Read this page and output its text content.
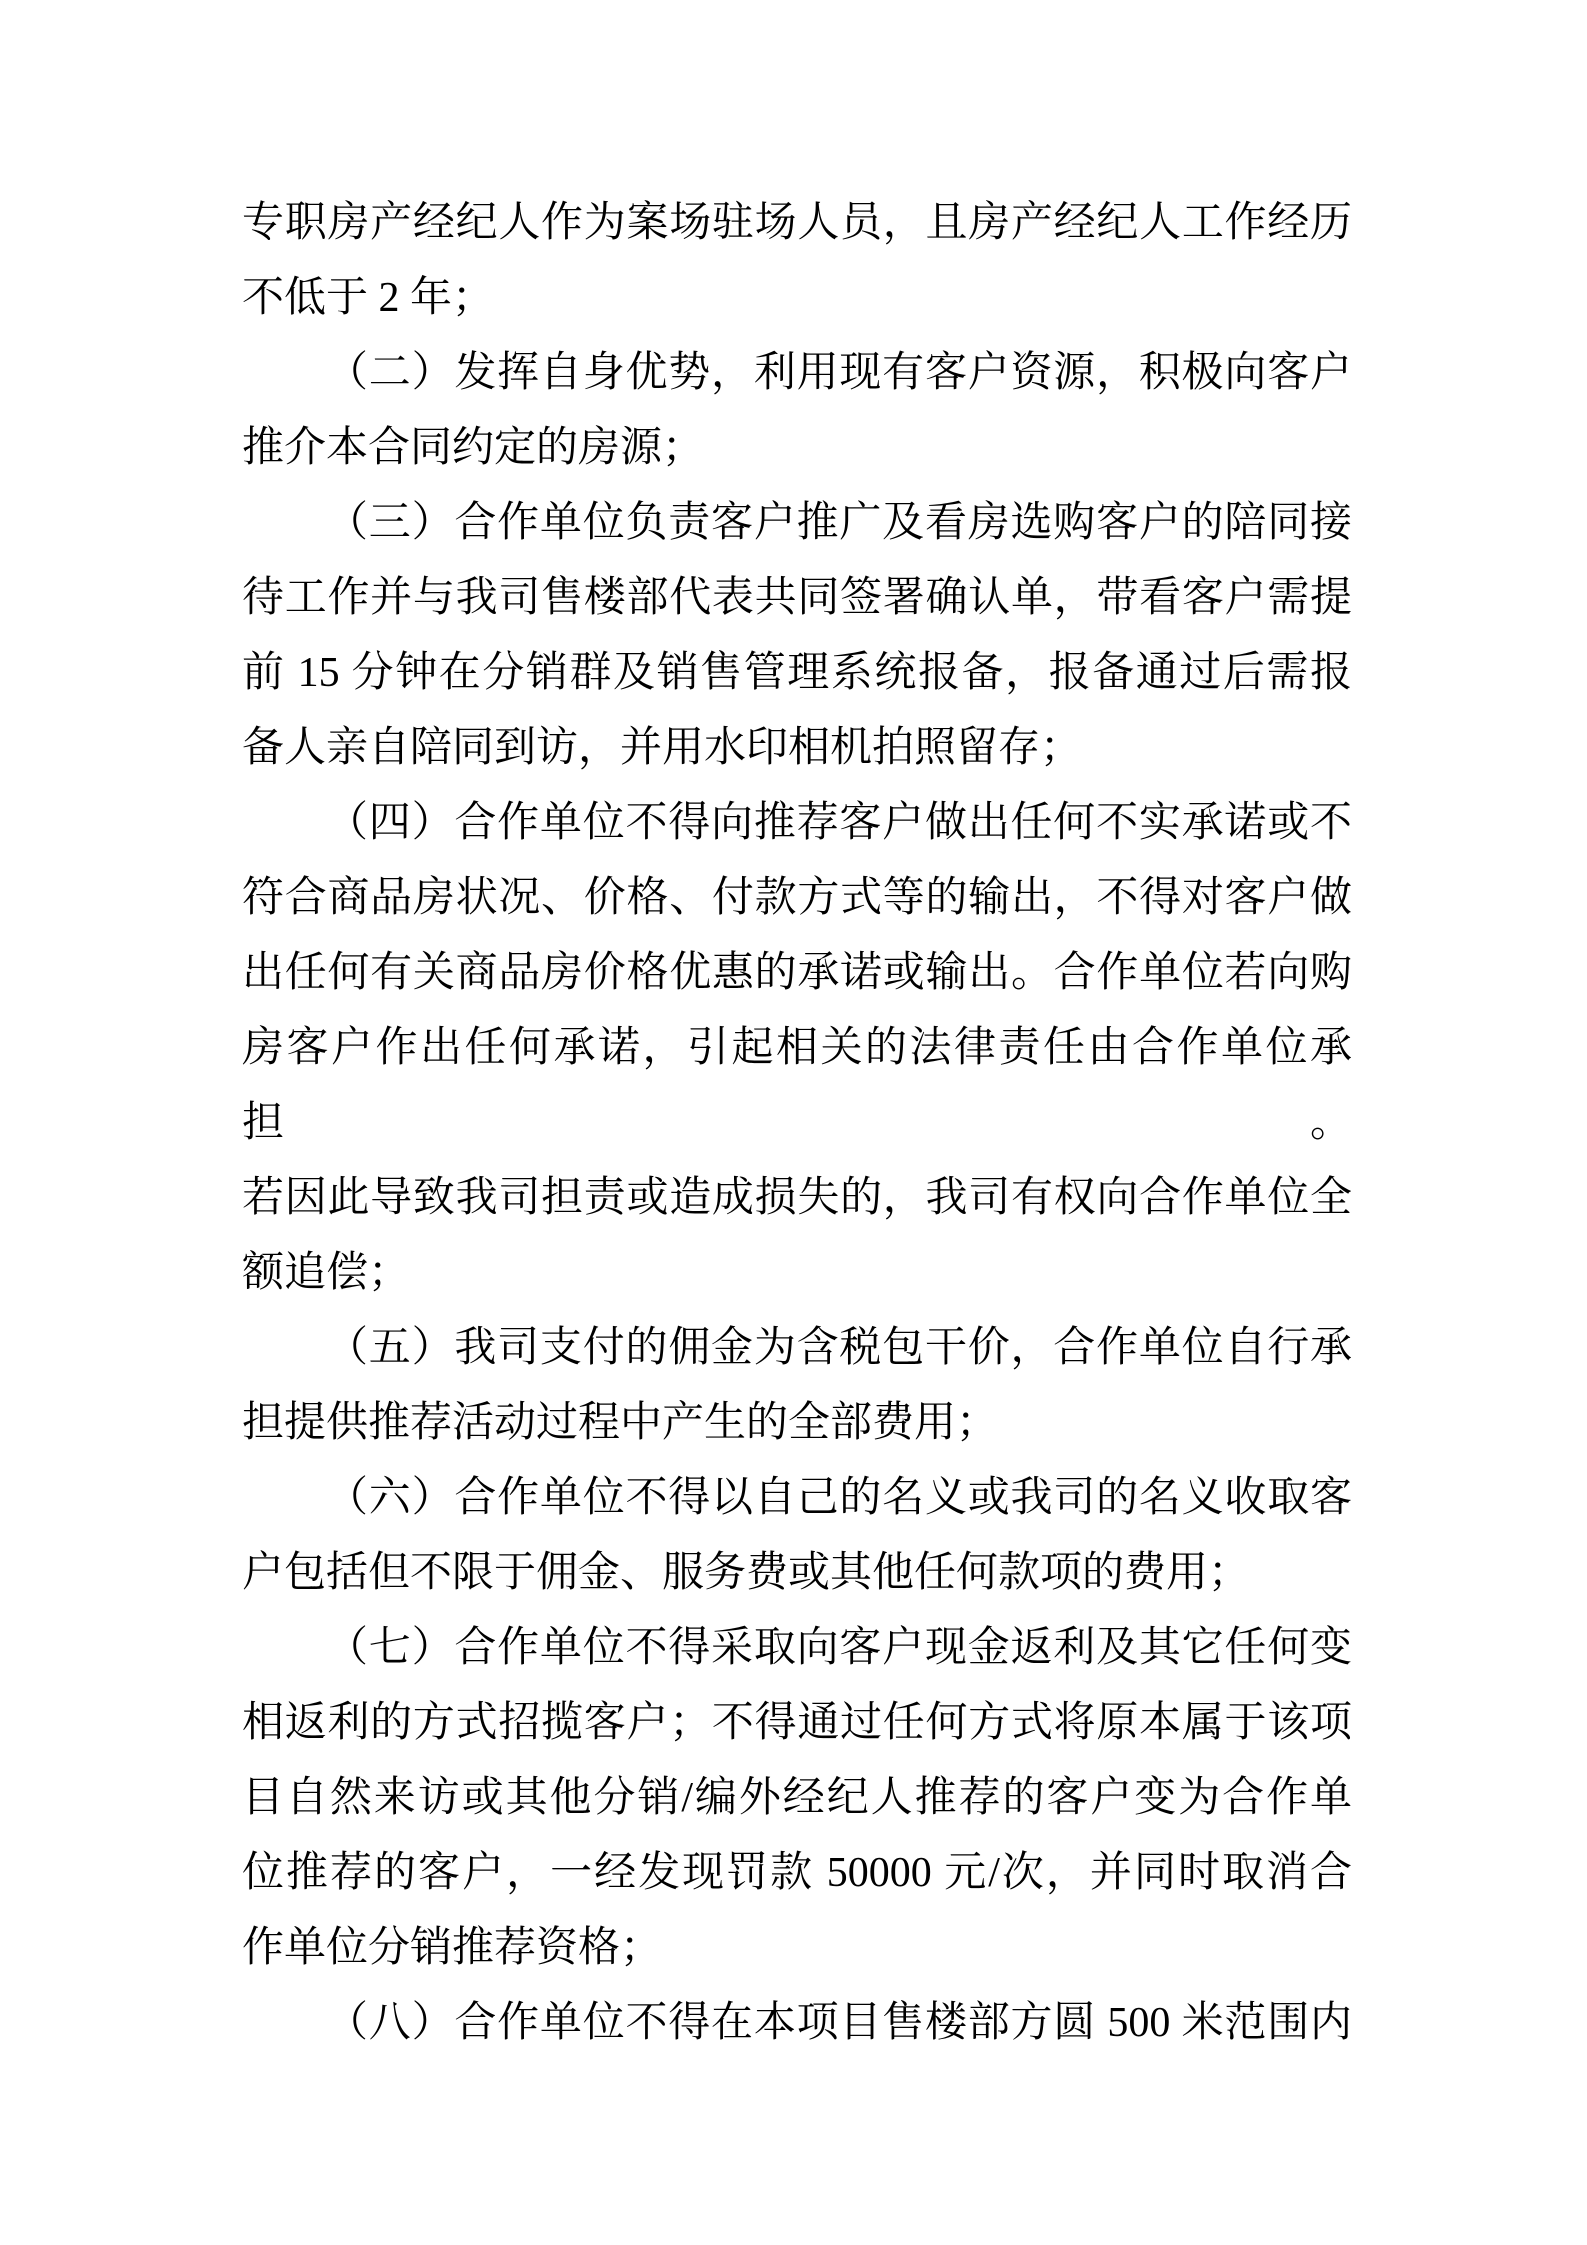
专职房产经纪人作为案场驻场人员，且房产经纪人工作经历
不低于 2 年；
（二）发挥自身优势，利用现有客户资源，积极向客户
推介本合同约定的房源；
（三）合作单位负责客户推广及看房选购客户的陪同接
待工作并与我司售楼部代表共同签署确认单，带看客户需提
前 15 分钟在分销群及销售管理系统报备，报备通过后需报
备人亲自陪同到访，并用水印相机拍照留存；
（四）合作单位不得向推荐客户做出任何不实承诺或不
符合商品房状况、价格、付款方式等的输出，不得对客户做
出任何有关商品房价格优惠的承诺或输出。合作单位若向购
房客户作出任何承诺，引起相关的法律责任由合作单位承担。
若因此导致我司担责或造成损失的，我司有权向合作单位全
额追偿；
（五）我司支付的佣金为含税包干价，合作单位自行承
担提供推荐活动过程中产生的全部费用；
（六）合作单位不得以自己的名义或我司的名义收取客
户包括但不限于佣金、服务费或其他任何款项的费用；
（七）合作单位不得采取向客户现金返利及其它任何变
相返利的方式招揽客户；不得通过任何方式将原本属于该项
目自然来访或其他分销/编外经纪人推荐的客户变为合作单
位推荐的客户，一经发现罚款 50000 元/次，并同时取消合
作单位分销推荐资格；
（八）合作单位不得在本项目售楼部方圆 500 米范围内
